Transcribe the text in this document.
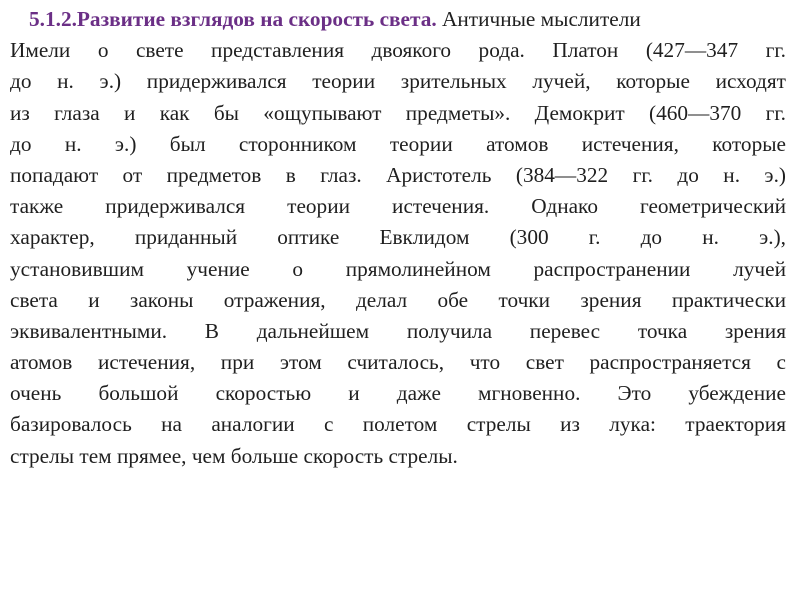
5.1.2.Развитие взглядов на скорость света. Античные мыслители
Имели о свете представления двоякого рода. Платон (427—347 гг.
до н. э.) придерживался теории зрительных лучей, которые исходят
из глаза и как бы «ощупывают предметы». Демокрит (460—370 гг.
до н. э.) был сторонником теории атомов истечения, которые
попадают от предметов в глаз. Аристотель (384—322 гг. до н. э.)
также придерживался теории истечения. Однако геометрический
характер, приданный оптике Евклидом (300 г. до н. э.),
установившим учение о прямолинейном распространении лучей
света и законы отражения, делал обе точки зрения практически
эквивалентными. В дальнейшем получила перевес точка зрения
атомов истечения, при этом считалось, что свет распространяется с
очень большой скоростью и даже мгновенно. Это убеждение
базировалось на аналогии с полетом стрелы из лука: траектория
стрелы тем прямее, чем больше скорость стрелы.
